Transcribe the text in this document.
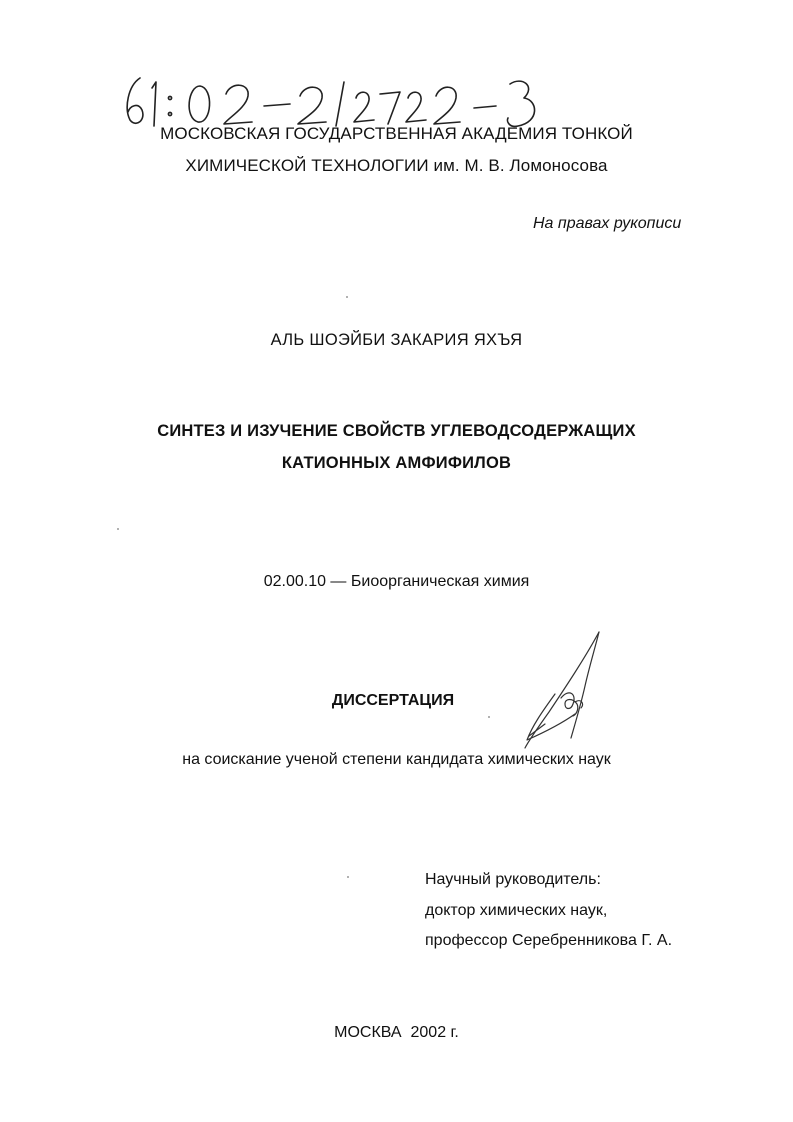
МОСКОВСКАЯ ГОСУДАРСТВЕННАЯ АКАДЕМИЯ ТОНКОЙ

ХИМИЧЕСКОЙ ТЕХНОЛОГИИ им. М. В. Ломоносова

На правах рукописи

АЛЬ ШОЭЙБИ ЗАКАРИЯ ЯХЪЯ

СИНТЕЗ И ИЗУЧЕНИЕ СВОЙСТВ УГЛЕВОДСОДЕРЖАЩИХ

КАТИОННЫХ АМФИФИЛОВ

02.00.10 — Биоорганическая химия

ДИССЕРТАЦИЯ

на соискание ученой степени кандидата химических наук

Научный руководитель:

доктор химических наук,

профессор Серебренникова Г. А.

МОСКВА  2002 г.
